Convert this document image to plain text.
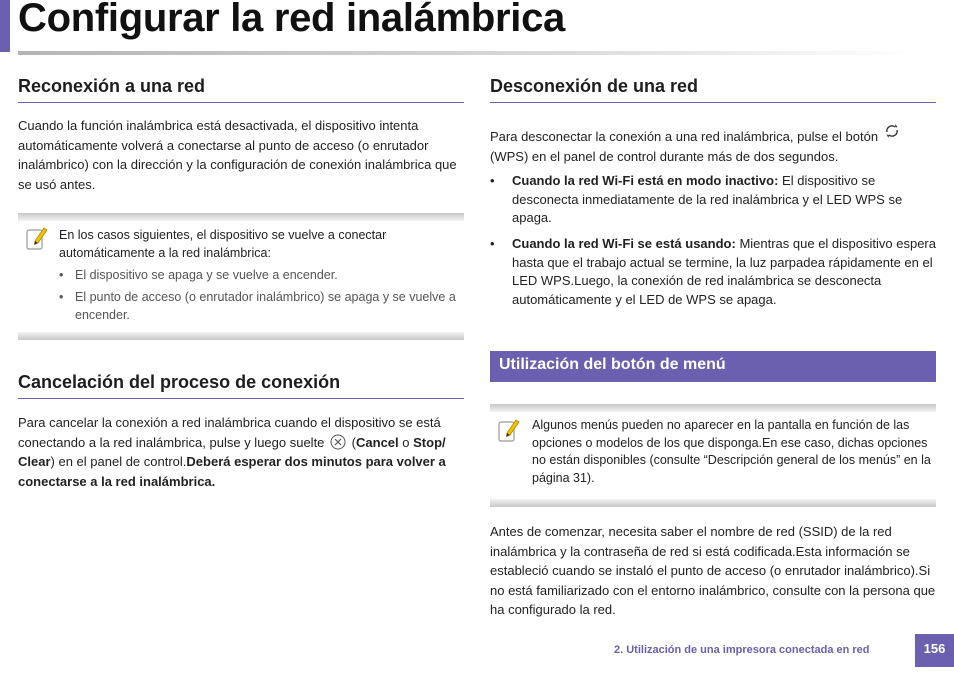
Configurar la red inalámbrica
Reconexión a una red
Cuando la función inalámbrica está desactivada, el dispositivo intenta automáticamente volverá a conectarse al punto de acceso (o enrutador inalámbrico) con la dirección y la configuración de conexión inalámbrica que se usó antes.
En los casos siguientes, el dispositivo se vuelve a conectar automáticamente a la red inalámbrica:
• El dispositivo se apaga y se vuelve a encender.
• El punto de acceso (o enrutador inalámbrico) se apaga y se vuelve a encender.
Cancelación del proceso de conexión
Para cancelar la conexión a red inalámbrica cuando el dispositivo se está conectando a la red inalámbrica, pulse y luego suelte (Cancel o Stop/ Clear) en el panel de control.Deberá esperar dos minutos para volver a conectarse a la red inalámbrica.
Desconexión de una red
Para desconectar la conexión a una red inalámbrica, pulse el botón
(WPS) en el panel de control durante más de dos segundos.
• Cuando la red Wi-Fi está en modo inactivo: El dispositivo se desconecta inmediatamente de la red inalámbrica y el LED WPS se apaga.
• Cuando la red Wi-Fi se está usando: Mientras que el dispositivo espera hasta que el trabajo actual se termine, la luz parpadea rápidamente en el LED WPS.Luego, la conexión de red inalámbrica se desconecta automáticamente y el LED de WPS se apaga.
Utilización del botón de menú
Algunos menús pueden no aparecer en la pantalla en función de las opciones o modelos de los que disponga.En ese caso, dichas opciones no están disponibles (consulte “Descripción general de los menús” en la página 31).
Antes de comenzar, necesita saber el nombre de red (SSID) de la red inalámbrica y la contraseña de red si está codificada.Esta información se estableció cuando se instaló el punto de acceso (o enrutador inalámbrico).Si no está familiarizado con el entorno inalámbrico, consulte con la persona que ha configurado la red.
2. Utilización de una impresora conectada en red	156
